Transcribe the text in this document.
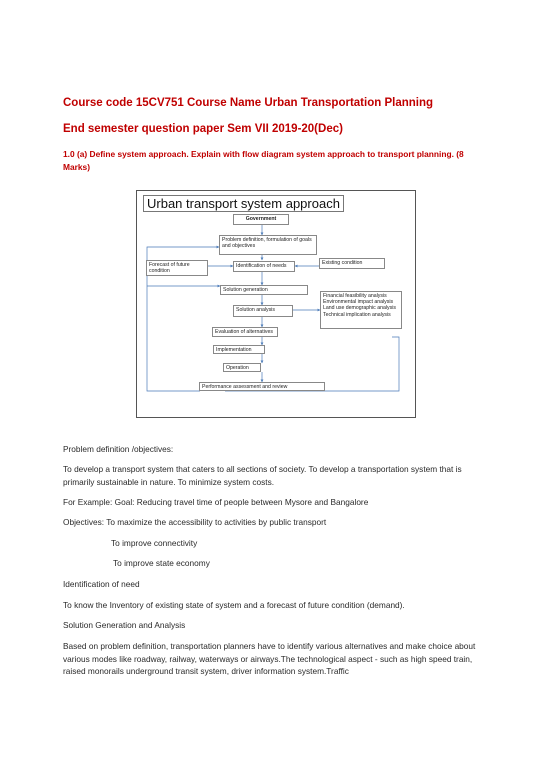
Course code 15CV751 Course Name Urban Transportation Planning
End semester question paper Sem VII 2019-20(Dec)
1.0 (a) Define system approach. Explain with flow diagram system approach to transport planning. (8 Marks)
Urban transport system approach
Government
Problem definition, formulation of goals and objectives
Forecast of future condition
Identification of needs	Existing condition
Solution generation
Financial feasibility analysis Environmental impact analysis Land use demographic analysis Technical implication analysis
Solution analysis
Evaluation of alternatives
Implementation
Operation
Performance assessment and review
Problem definition /objectives:
To develop a transport system that caters to all sections of society. To develop a transportation system that is primarily sustainable in nature. To minimize system costs.
For Example: Goal: Reducing travel time of people between Mysore and Bangalore
Objectives: To maximize the accessibility to activities by public transport
To improve connectivity
To improve state economy
Identification of need
To know the Inventory of existing state of system and a forecast of future condition (demand).
Solution Generation and Analysis
Based on problem definition, transportation planners have to identify various alternatives and make choice about various modes like roadway, railway, waterways or airways.The technological aspect - such as high speed train, raised monorails underground transit system, driver information system.Traffic
